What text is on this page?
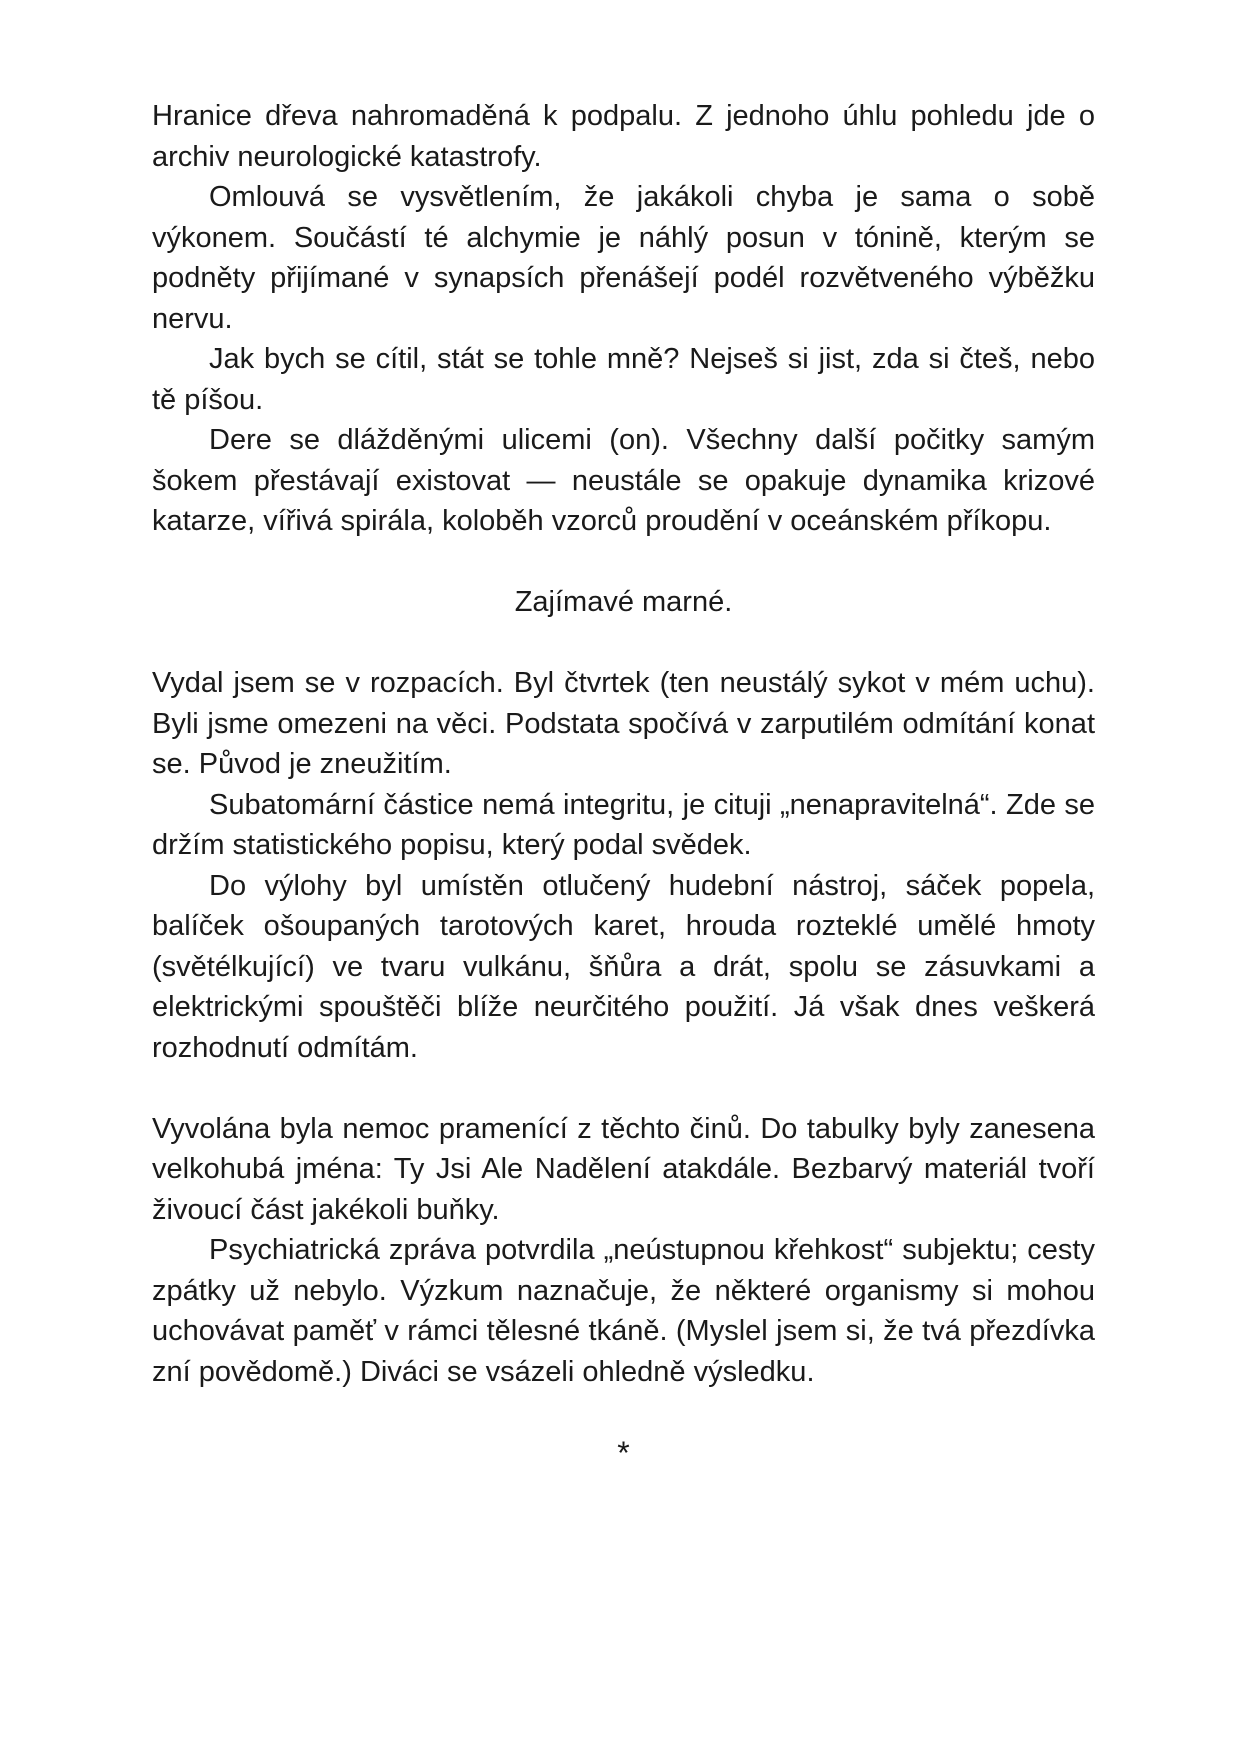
Hranice dřeva nahromaděná k podpalu. Z jednoho úhlu pohledu jde o archiv neurologické katastrofy.

Omlouvá se vysvětlením, že jakákoli chyba je sama o sobě výkonem. Součástí té alchymie je náhlý posun v tónině, kterým se podněty přijímané v synapsích přenášejí podél rozvětveného výběžku nervu.

Jak bych se cítil, stát se tohle mně? Nejseš si jist, zda si čteš, nebo tě píšou.

Dere se dlážděnými ulicemi (on). Všechny další počitky samým šokem přestávají existovat — neustále se opakuje dynamika krizové katarze, vířivá spirála, koloběh vzorců proudění v oceánském příkopu.

Zajímavé marné.

Vydal jsem se v rozpacích. Byl čtvrtek (ten neustálý sykot v mém uchu). Byli jsme omezeni na věci. Podstata spočívá v zarputilém odmítání konat se. Původ je zneužitím.

Subatomární částice nemá integritu, je cituji „nenapravitelná“. Zde se držím statistického popisu, který podal svědek.

Do výlohy byl umístěn otlučený hudební nástroj, sáček popela, balíček ošoupaných tarotových karet, hrouda rozteklé umělé hmoty (světélkující) ve tvaru vulkánu, šňůra a drát, spolu se zásuvkami a elektrickými spouštěči blíže neurčitého použití. Já však dnes veškerá rozhodnutí odmítám.

Vyvolána byla nemoc pramenící z těchto činů. Do tabulky byly zanesena velkohubá jména: Ty Jsi Ale Nadělení atakdále. Bezbarvý materiál tvoří živoucí část jakékoli buňky.

Psychiatrická zpráva potvrdila „neústupnou křehkost“ subjektu; cesty zpátky už nebylo. Výzkum naznačuje, že některé organismy si mohou uchovávat paměť v rámci tělesné tkáně. (Myslel jsem si, že tvá přezdívka zní povědomě.) Diváci se vsázeli ohledně výsledku.

*
